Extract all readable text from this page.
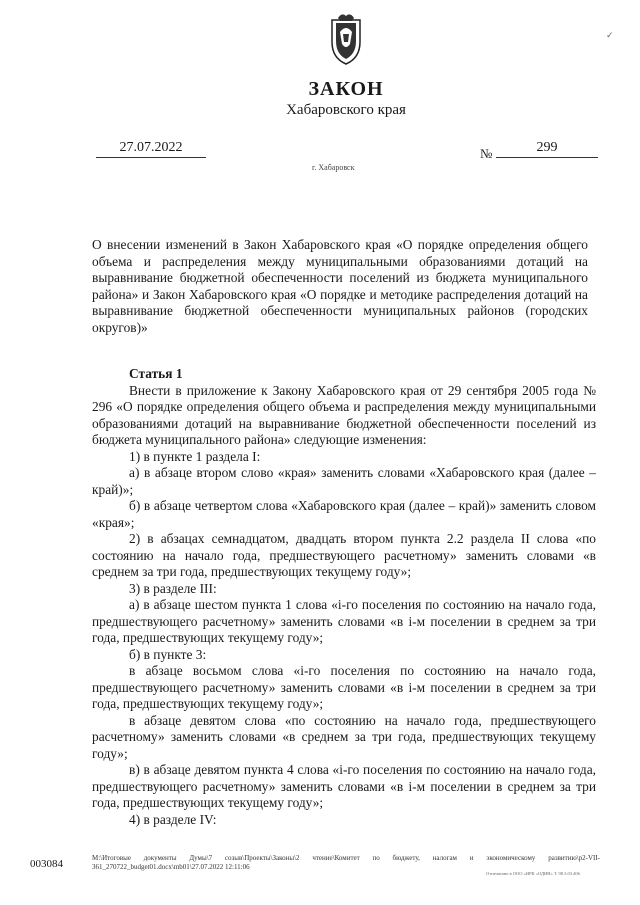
ЗАКОН
Хабаровского края
✓
27.07.2022
г. Хабаровск
№	299
О внесении изменений в Закон Хабаровского края «О порядке определения общего объема и распределения между муниципальными образованиями дотаций на выравнивание бюджетной обеспеченности поселений из бюджета муниципального района» и Закон Хабаровского края «О порядке и методике распределения дотаций на выравнивание бюджетной обеспеченности муниципальных районов (городских округов)»

Статья 1

Внести в приложение к Закону Хабаровского края от 29 сентября 2005 года № 296 «О порядке определения общего объема и распределения между муниципальными образованиями дотаций на выравнивание бюджетной обеспеченности поселений из бюджета муниципального района» следующие изменения:

1) в пункте 1 раздела I:

а) в абзаце втором слово «края» заменить словами «Хабаровского края (далее – край)»;

б) в абзаце четвертом слова «Хабаровского края (далее – край)» заменить словом «края»;

2) в абзацах семнадцатом, двадцать втором пункта 2.2 раздела II слова «по состоянию на начало года, предшествующего расчетному» заменить словами «в среднем за три года, предшествующих текущему году»;

3) в разделе III:

а) в абзаце шестом пункта 1 слова «i-го поселения по состоянию на начало года, предшествующего расчетному» заменить словами «в i-м поселении в среднем за три года, предшествующих текущему году»;

б) в пункте 3:

в абзаце восьмом слова «i-го поселения по состоянию на начало года, предшествующего расчетному» заменить словами «в i-м поселении в среднем за три года, предшествующих текущему году»;

в абзаце девятом слова «по состоянию на начало года, предшествующего расчетному» заменить словами «в среднем за три года, предшествующих текущему году»;

в) в абзаце девятом пункта 4 слова «i-го поселения по состоянию на начало года, предшествующего расчетному» заменить словами «в i-м поселении в среднем за три года, предшествующих текущему году»;

4) в разделе IV:

003084	M:\Итоговые документы Думы\7 созыв\Проекты\Законы\2 чтение\Комитет по бюджету, налогам и экономическому развитию\p2-VII-361_270722_budget01.docx\mb01\27.07.2022 12:11:06
Отпечатано в ООО «ИРК «ОДИН» Т. 98.3.03.406
